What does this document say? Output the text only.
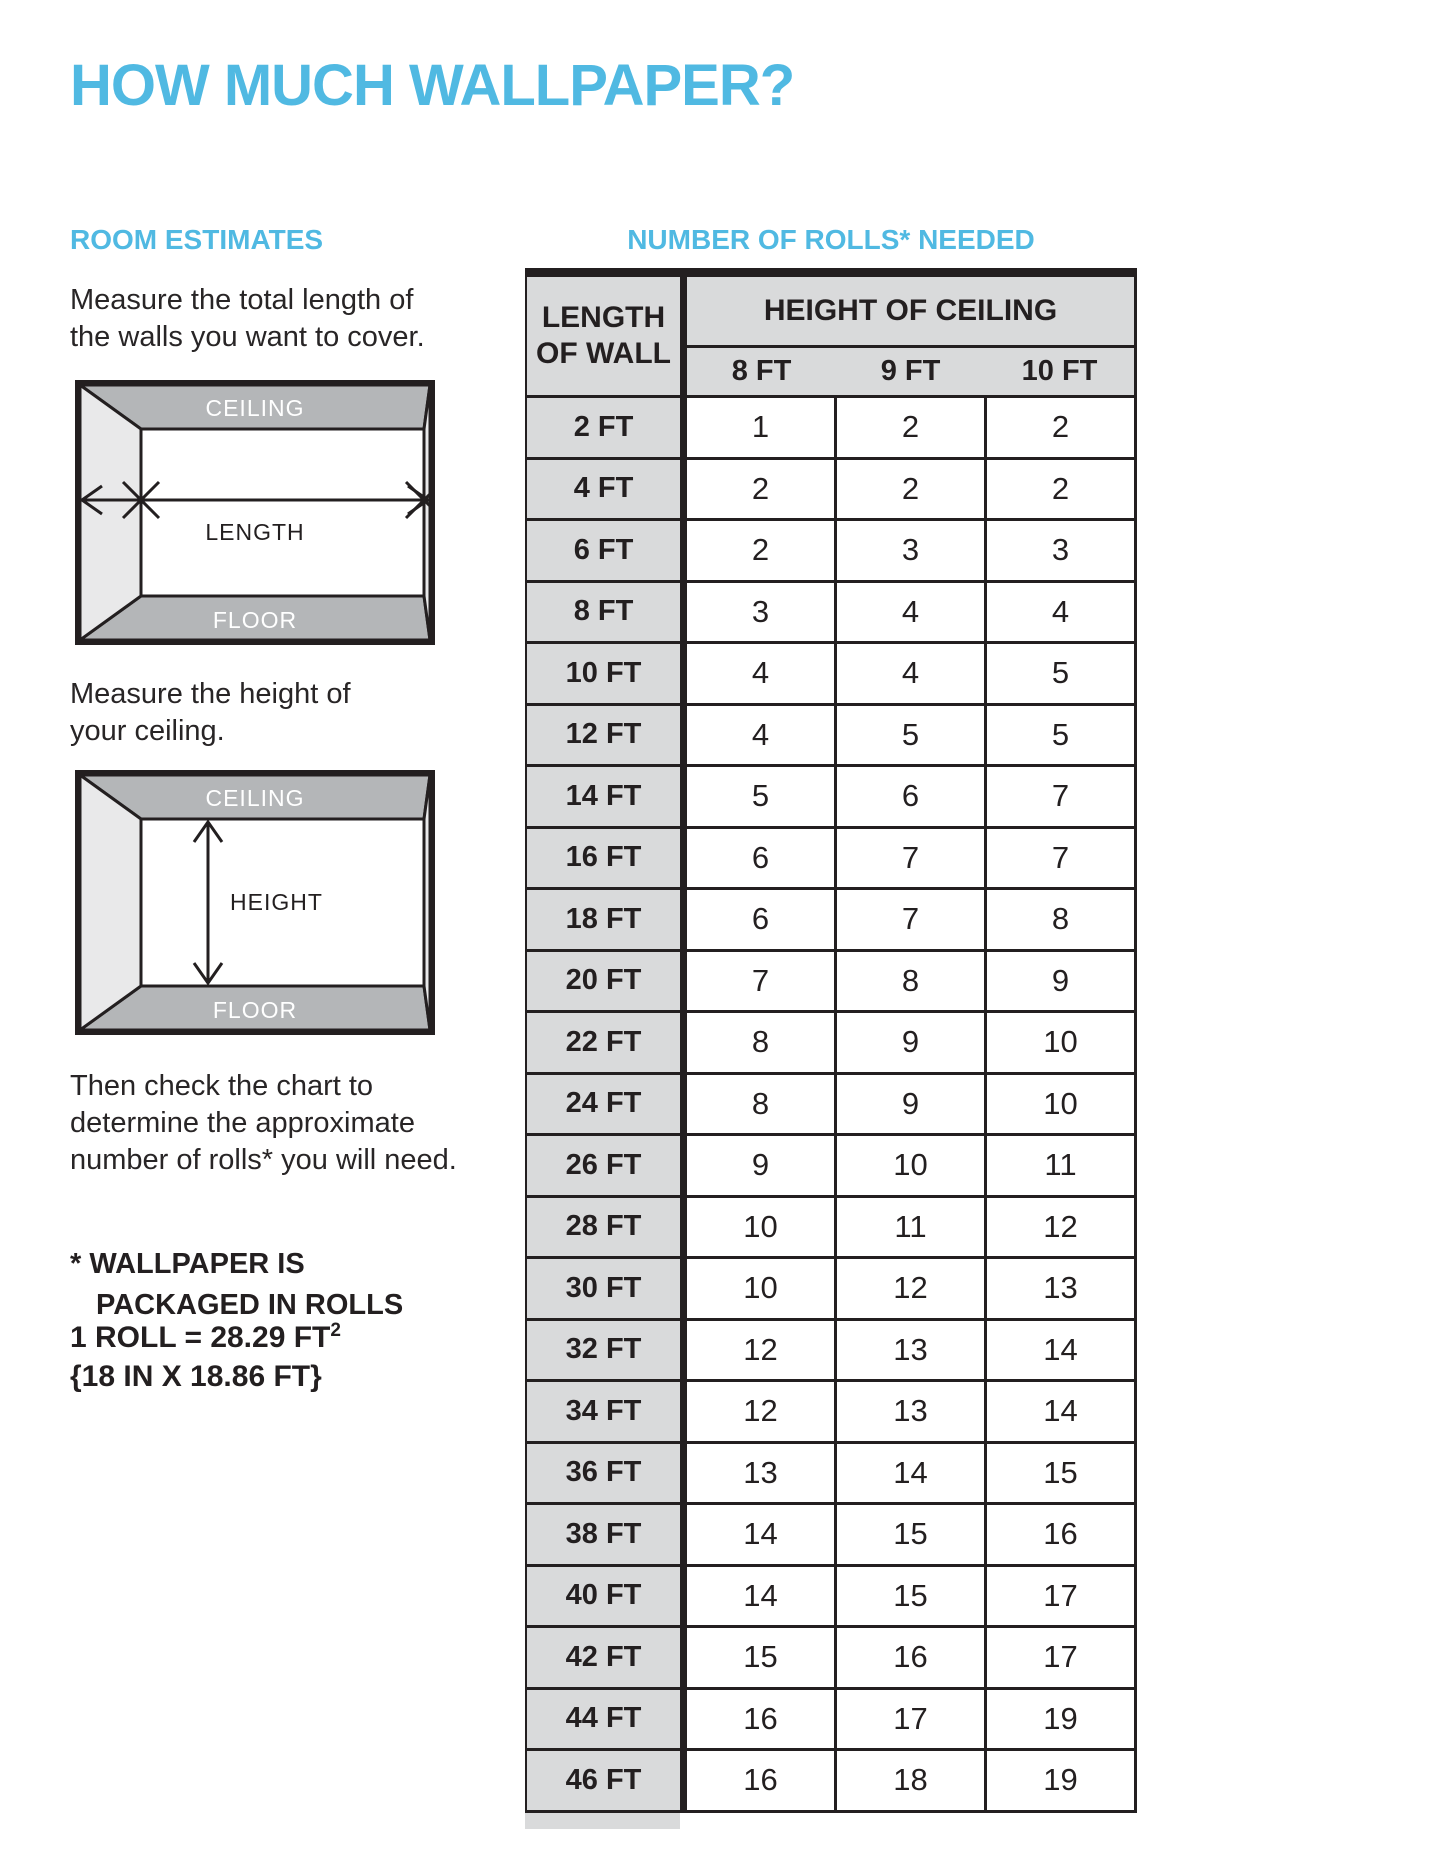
HOW MUCH WALLPAPER?
ROOM ESTIMATES	NUMBER OF ROLLS* NEEDED
Measure the total length of
the walls you want to cover.
CEILING
FLOOR
LENGTH
Measure the height of
your ceiling.
CEILING
FLOOR
HEIGHT
Then check the chart to
determine the approximate
number of rolls* you will need.
* WALLPAPER IS
PACKAGED IN ROLLS
1 ROLL = 28.29 $FT^2$
{18 IN X 18.86 FT}
LENGTH
OF WALL
HEIGHT OF CEILING
8 FT	9 FT	10 FT
2 FT	1	2	2
4 FT	2	2	2
6 FT	2	3	3
8 FT	3	4	4
10 FT	4	4	5
12 FT	4	5	5
14 FT	5	6	7
16 FT	6	7	7
18 FT	6	7	8
20 FT	7	8	9
22 FT	8	9	10
24 FT	8	9	10
26 FT	9	10	11
28 FT	10	11	12
30 FT	10	12	13
32 FT	12	13	14
34 FT	12	13	14
36 FT	13	14	15
38 FT	14	15	16
40 FT	14	15	17
42 FT	15	16	17
44 FT	16	17	19
46 FT	16	18	19
